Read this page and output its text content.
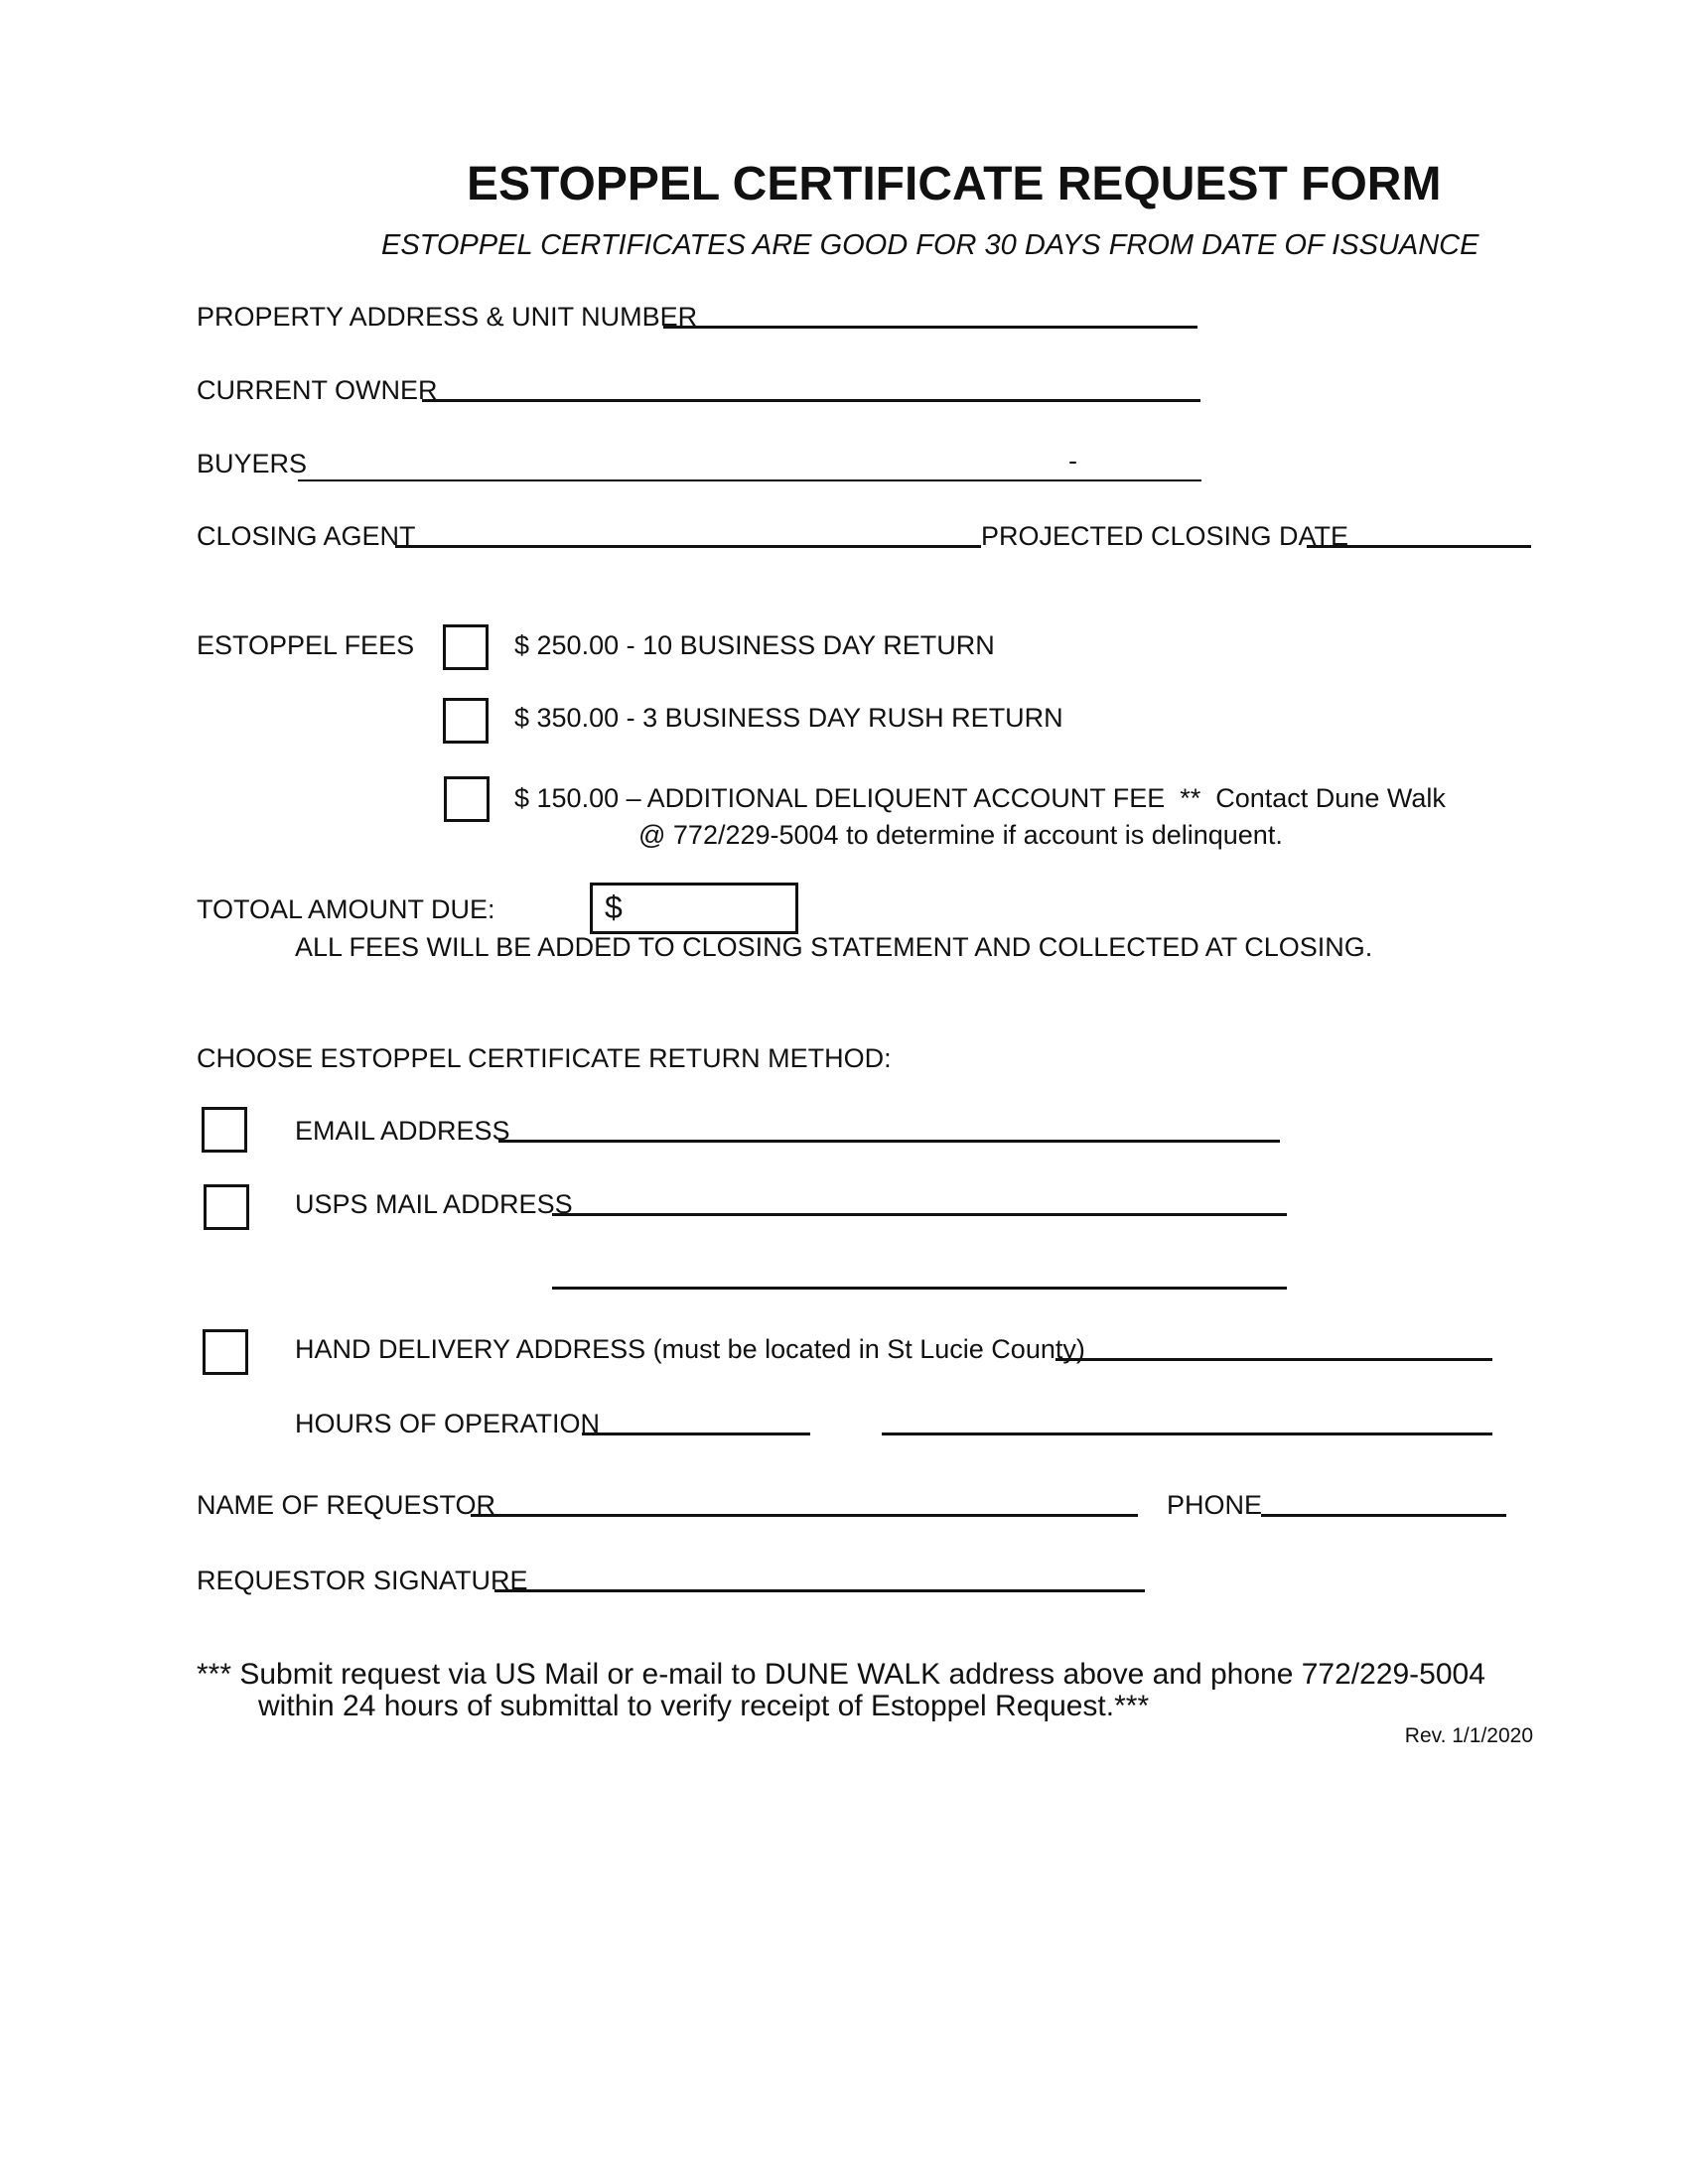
ESTOPPEL CERTIFICATE REQUEST FORM
ESTOPPEL CERTIFICATES ARE GOOD FOR 30 DAYS FROM DATE OF ISSUANCE
PROPERTY ADDRESS & UNIT NUMBER
CURRENT OWNER
BUYERS	-
CLOSING AGENT	PROJECTED CLOSING DATE
ESTOPPEL FEES	$ 250.00 - 10 BUSINESS DAY RETURN
$ 350.00 - 3 BUSINESS DAY RUSH RETURN
$ 150.00 – ADDITIONAL DELIQUENT ACCOUNT FEE  **  Contact Dune Walk
@ 772/229-5004 to determine if account is delinquent.
TOTOAL AMOUNT DUE:	$
ALL FEES WILL BE ADDED TO CLOSING STATEMENT AND COLLECTED AT CLOSING.
CHOOSE ESTOPPEL CERTIFICATE RETURN METHOD:
EMAIL ADDRESS
USPS MAIL ADDRESS
HAND DELIVERY ADDRESS (must be located in St Lucie County)
HOURS OF OPERATION
NAME OF REQUESTOR	PHONE
REQUESTOR SIGNATURE
*** Submit request via US Mail or e-mail to DUNE WALK address above and phone 772/229-5004
within 24 hours of submittal to verify receipt of Estoppel Request.***
Rev. 1/1/2020
